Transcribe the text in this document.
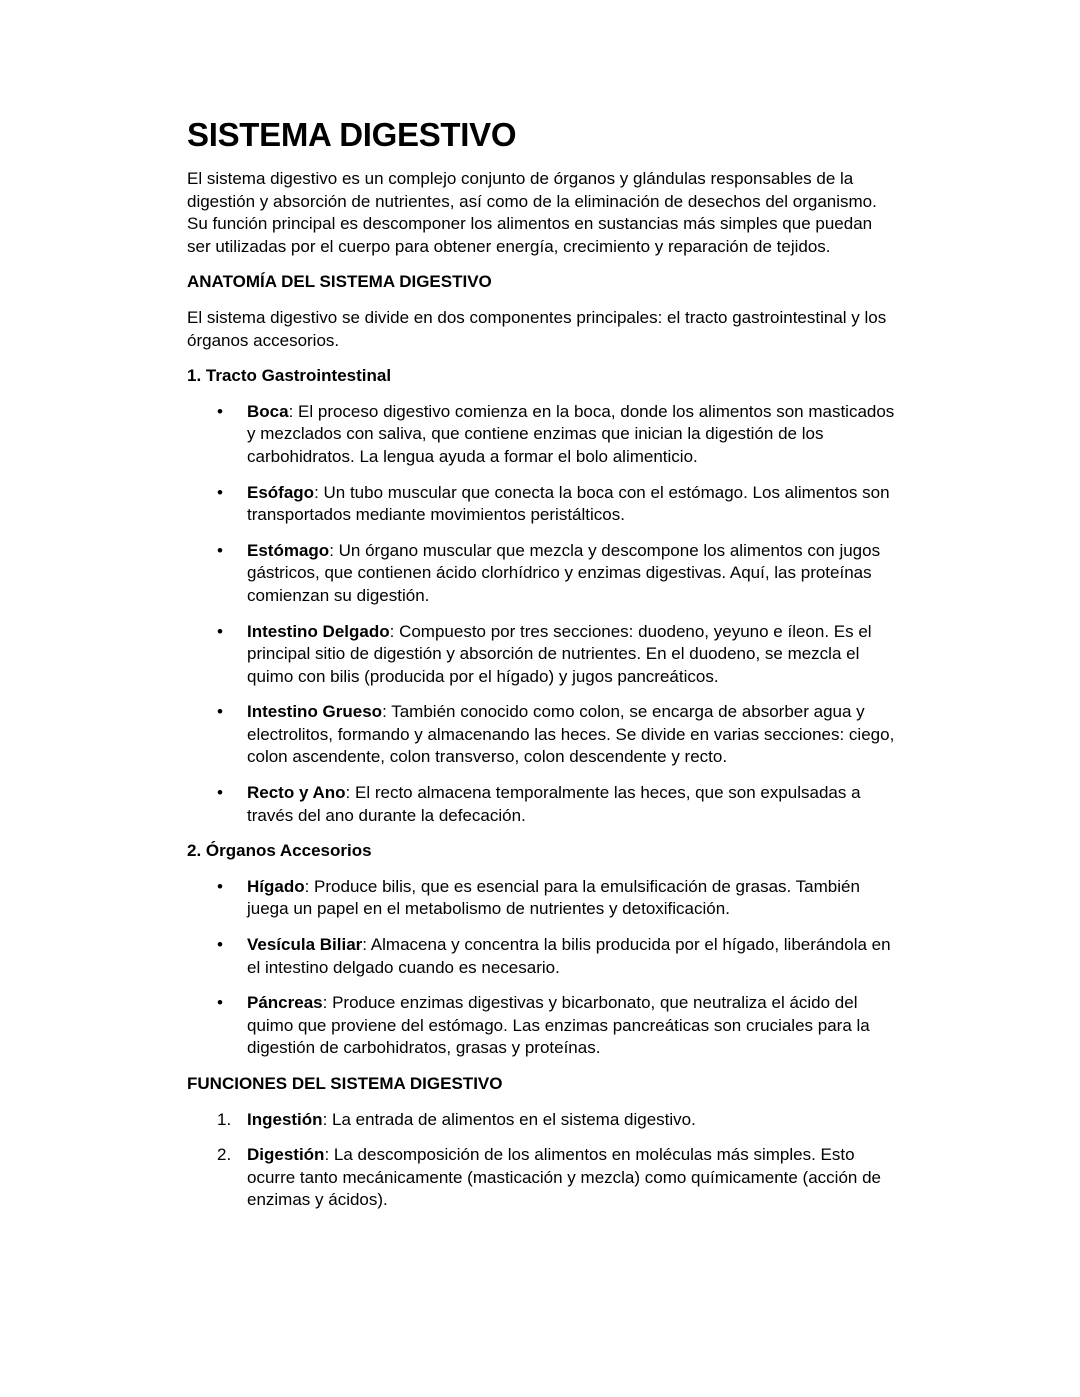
SISTEMA DIGESTIVO

El sistema digestivo es un complejo conjunto de órganos y glándulas responsables de la digestión y absorción de nutrientes, así como de la eliminación de desechos del organismo. Su función principal es descomponer los alimentos en sustancias más simples que puedan ser utilizadas por el cuerpo para obtener energía, crecimiento y reparación de tejidos.

ANATOMÍA DEL SISTEMA DIGESTIVO

El sistema digestivo se divide en dos componentes principales: el tracto gastrointestinal y los órganos accesorios.

1. Tracto Gastrointestinal
• Boca: El proceso digestivo comienza en la boca, donde los alimentos son masticados y mezclados con saliva, que contiene enzimas que inician la digestión de los carbohidratos. La lengua ayuda a formar el bolo alimenticio.
• Esófago: Un tubo muscular que conecta la boca con el estómago. Los alimentos son transportados mediante movimientos peristálticos.
• Estómago: Un órgano muscular que mezcla y descompone los alimentos con jugos gástricos, que contienen ácido clorhídrico y enzimas digestivas. Aquí, las proteínas comienzan su digestión.
• Intestino Delgado: Compuesto por tres secciones: duodeno, yeyuno e íleon. Es el principal sitio de digestión y absorción de nutrientes. En el duodeno, se mezcla el quimo con bilis (producida por el hígado) y jugos pancreáticos.
• Intestino Grueso: También conocido como colon, se encarga de absorber agua y electrolitos, formando y almacenando las heces. Se divide en varias secciones: ciego, colon ascendente, colon transverso, colon descendente y recto.
• Recto y Ano: El recto almacena temporalmente las heces, que son expulsadas a través del ano durante la defecación.
2. Órganos Accesorios
• Hígado: Produce bilis, que es esencial para la emulsificación de grasas. También juega un papel en el metabolismo de nutrientes y detoxificación.
• Vesícula Biliar: Almacena y concentra la bilis producida por el hígado, liberándola en el intestino delgado cuando es necesario.
• Páncreas: Produce enzimas digestivas y bicarbonato, que neutraliza el ácido del quimo que proviene del estómago. Las enzimas pancreáticas son cruciales para la digestión de carbohidratos, grasas y proteínas.
FUNCIONES DEL SISTEMA DIGESTIVO
1. Ingestión: La entrada de alimentos en el sistema digestivo.
2. Digestión: La descomposición de los alimentos en moléculas más simples. Esto ocurre tanto mecánicamente (masticación y mezcla) como químicamente (acción de enzimas y ácidos).
